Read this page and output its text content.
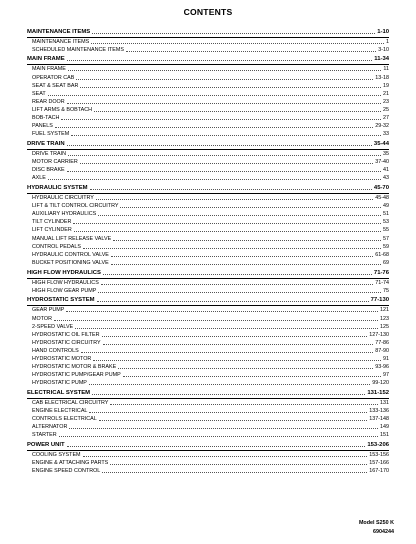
CONTENTS
MAINTENANCE ITEMS	1-10
MAINTENANCE ITEMS	1
SCHEDULED MAINTENANCE ITEMS	3-10
MAIN FRAME	11-34
MAIN FRAME	11
OPERATOR CAB	13-18
SEAT & SEAT BAR	19
SEAT	21
REAR DOOR	23
LIFT ARMS & BOBTACH	25
BOB-TACH	27
PANELS	29-32
FUEL SYSTEM	33
DRIVE TRAIN	35-44
DRIVE TRAIN	35
MOTOR CARRIER	37-40
DISC BRAKE	41
AXLE	43
HYDRAULIC SYSTEM	45-70
HYDRAULIC CIRCUITRY	45-48
LIFT & TILT CONTROL CIRCUITRY	49
AUXILIARY HYDRAULICS	51
TILT CYLINDER	53
LIFT CYLINDER	55
MANUAL LIFT RELEASE VALVE	57
CONTROL PEDALS	59
HYDRAULIC CONTROL VALVE	61-68
BUCKET POSITIONING VALVE	69
HIGH FLOW HYDRAULICS	71-76
HIGH FLOW HYDRAULICS	71-74
HIGH FLOW GEAR PUMP	75
HYDROSTATIC SYSTEM	77-130
GEAR PUMP	121
MOTOR	123
2-SPEED VALVE	125
HYDROSTATIC OIL FILTER	127-130
HYDROSTATIC CIRCUITRY	77-86
HAND CONTROLS	87-90
HYDROSTATIC MOTOR	91
HYDROSTATIC MOTOR & BRAKE	93-96
HYDROSTATIC PUMP/GEAR PUMP	97
HYDROSTATIC PUMP	99-120
ELECTRICAL SYSTEM	131-152
CAB ELECTRICAL CIRCUITRY	131
ENGINE ELECTRICAL	133-136
CONTROLS ELECTRICAL	137-148
ALTERNATOR	149
STARTER	151
POWER UNIT	153-206
COOLING SYSTEM	153-156
ENGINE & ATTACHING PARTS	157-166
ENGINE SPEED CONTROL	167-170
Model S250 K
6904244
